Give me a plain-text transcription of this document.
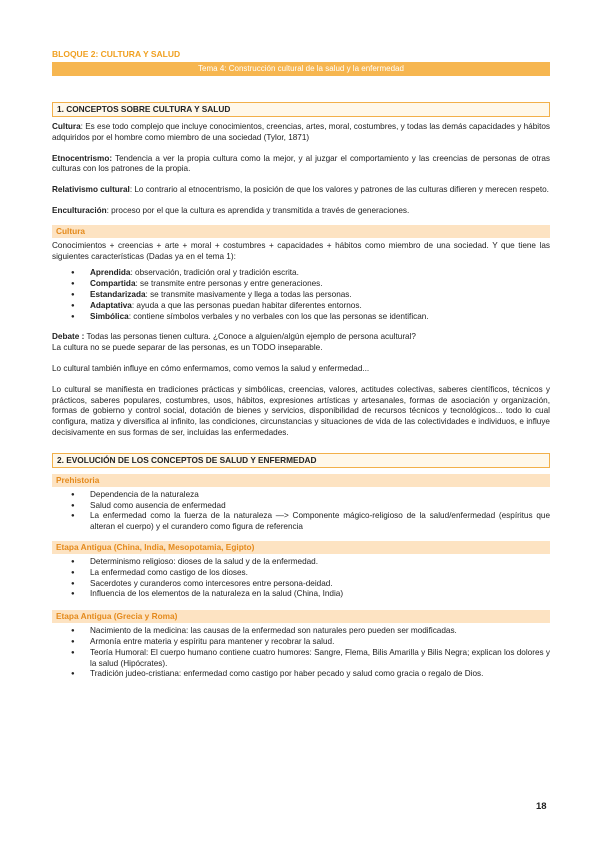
BLOQUE 2: CULTURA Y SALUD
Tema 4: Construcción cultural de la salud y la enfermedad
1. CONCEPTOS SOBRE CULTURA Y SALUD

Cultura: Es ese todo complejo que incluye conocimientos, creencias, artes, moral, costumbres, y todas las demás capacidades y hábitos adquiridos por el hombre como miembro de una sociedad (Tylor, 1871)

Etnocentrismo: Tendencia a ver la propia cultura como la mejor, y al juzgar el comportamiento y las creencias de personas de otras culturas con los patrones de la propia.

Relativismo cultural: Lo contrario al etnocentrismo, la posición de que los valores y patrones de las culturas difieren y merecen respeto.

Enculturación: proceso por el que la cultura es aprendida y transmitida a través de generaciones.

Cultura

Conocimientos + creencias + arte + moral + costumbres + capacidades + hábitos como miembro de una sociedad. Y que tiene las siguientes características (Dadas ya en el tema 1):

● Aprendida: observación, tradición oral y tradición escrita.
● Compartida: se transmite entre personas y entre generaciones.
● Estandarizada: se transmite masivamente y llega a todas las personas.
● Adaptativa: ayuda a que las personas puedan habitar diferentes entornos.
● Simbólica: contiene símbolos verbales y no verbales con los que las personas se identifican.

Debate : Todas las personas tienen cultura. ¿Conoce a alguien/algún ejemplo de persona acultural?
La cultura no se puede separar de las personas, es un TODO inseparable.

Lo cultural también influye en cómo enfermamos, como vemos la salud y enfermedad...

Lo cultural se manifiesta en tradiciones prácticas y simbólicas, creencias, valores, actitudes colectivas, saberes científicos, técnicos y prácticos, saberes populares, costumbres, usos, hábitos, expresiones artísticas y artesanales, formas de asociación y organización, formas de gobierno y control social, dotación de bienes y servicios, disponibilidad de recursos técnicos y tecnológicos... todo lo cual configura, matiza y diversifica al infinito, las condiciones, circunstancias y situaciones de vida de las colectividades e individuos, e influye decisivamente en sus formas de ser, incluidas las enfermedades.

2. EVOLUCIÓN DE LOS CONCEPTOS DE SALUD Y ENFERMEDAD
Prehistoria
● Dependencia de la naturaleza
● Salud como ausencia de enfermedad
● La enfermedad como la fuerza de la naturaleza —> Componente mágico-religioso de la salud/enfermedad (espíritus que alteran el cuerpo) y el curandero como figura de referencia
Etapa Antigua (China, India, Mesopotamia, Egipto)
● Determinismo religioso: dioses de la salud y de la enfermedad.
● La enfermedad como castigo de los dioses.
● Sacerdotes y curanderos como intercesores entre persona-deidad.
● Influencia de los elementos de la naturaleza en la salud (China, India)
Etapa Antigua (Grecia y Roma)
● Nacimiento de la medicina: las causas de la enfermedad son naturales pero pueden ser modificadas.
● Armonía entre materia y espíritu para mantener y recobrar la salud.
● Teoría Humoral: El cuerpo humano contiene cuatro humores: Sangre, Flema, Bilis Amarilla y Bilis Negra; explican los dolores y la salud (Hipócrates).
● Tradición judeo-cristiana: enfermedad como castigo por haber pecado y salud como gracia o regalo de Dios.
18
